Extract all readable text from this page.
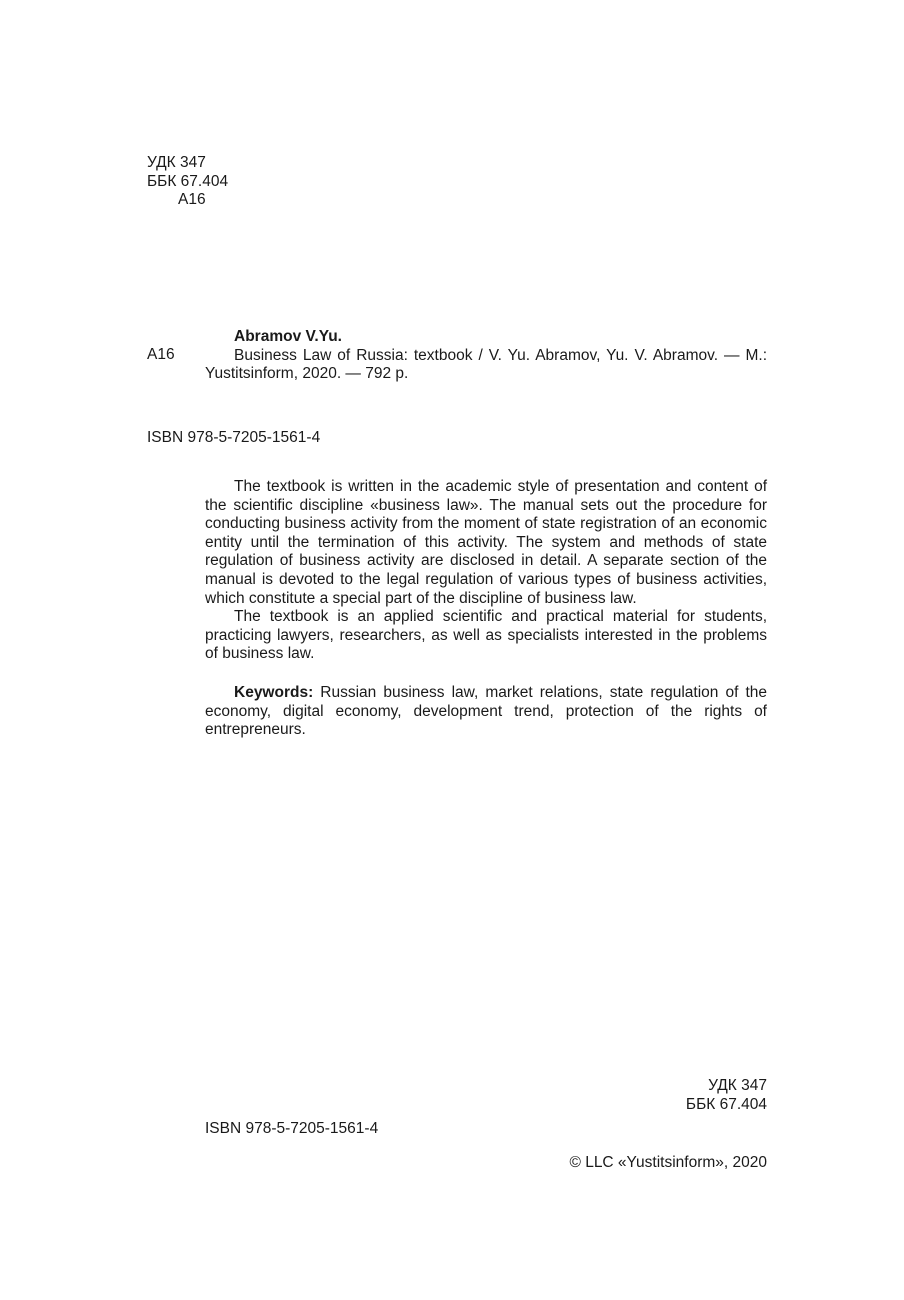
УДК 347
ББК 67.404
А16
А16
Abramov V.Yu.
Business Law of Russia: textbook / V. Yu. Abramov, Yu. V. Abramov. — M.: Yustitsinform, 2020. — 792 p.
ISBN 978-5-7205-1561-4

The textbook is written in the academic style of presentation and content of the scientific discipline «business law». The manual sets out the procedure for conducting business activity from the moment of state registration of an economic entity until the termination of this activity. The system and methods of state regulation of business activity are disclosed in detail. A separate section of the manual is devoted to the legal regulation of various types of business activities, which constitute a special part of the discipline of business law.

The textbook is an applied scientific and practical material for students, practicing lawyers, researchers, as well as specialists interested in the problems of business law.

Keywords: Russian business law, market relations, state regulation of the economy, digital economy, development trend, protection of the rights of entrepreneurs.
УДК 347
ББК 67.404
ISBN 978-5-7205-1561-4
© LLC «Yustitsinform», 2020
